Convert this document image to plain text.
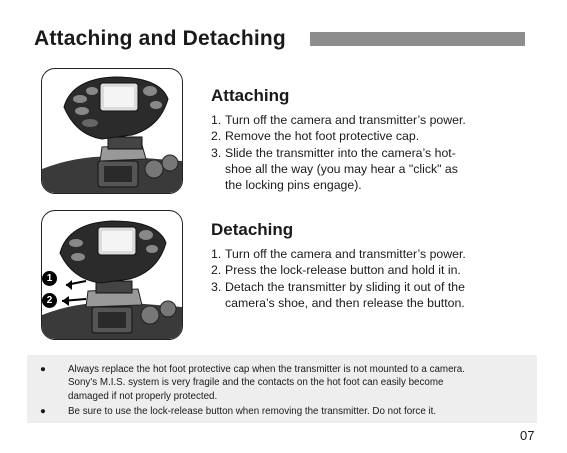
Attaching and Detaching
1
2
Attaching
1. Turn off the camera and transmitter’s power.
2. Remove the hot foot protective cap.
3. Slide the transmitter into the camera’s hot-
shoe all the way (you may hear a "click" as
the locking pins engage).
Detaching
1. Turn off the camera and transmitter’s power.
2. Press the lock-release button and hold it in.
3. Detach the transmitter by sliding it out of the
camera’s shoe, and then release the button.
●	Always replace the hot foot protective cap when the transmitter is not mounted to a camera.
Sony's M.I.S. system is very fragile and the contacts on the hot foot can easily become
damaged if not properly protected.
●	Be sure to use the lock-release button when removing the transmitter. Do not force it.
07
